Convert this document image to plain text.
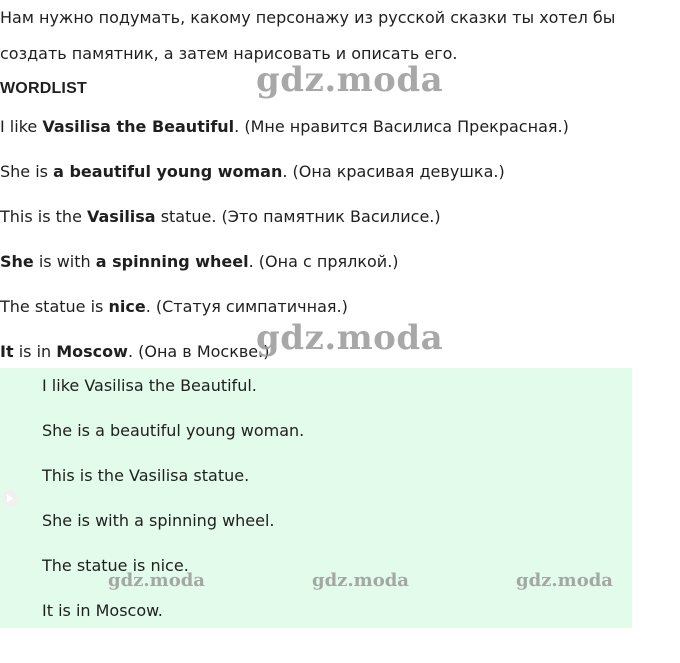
Нам нужно подумать, какому персонажу из русской сказки ты хотел бы
создать памятник, а затем нарисовать и описать его.
WORDLIST
I like Vasilisa the Beautiful. (Мне нравится Василиса Прекрасная.)
She is a beautiful young woman. (Она красивая девушка.)
This is the Vasilisa statue. (Это памятник Василисе.)
She is with a spinning wheel. (Она с прялкой.)
The statue is nice. (Статуя симпатичная.)
It is in Moscow. (Она в Москве.)
I like Vasilisa the Beautiful.
She is a beautiful young woman.
This is the Vasilisa statue.
She is with a spinning wheel.
The statue is nice.
It is in Moscow.
gdz.moda
gdz.moda
gdz.moda	gdz.moda	gdz.moda
